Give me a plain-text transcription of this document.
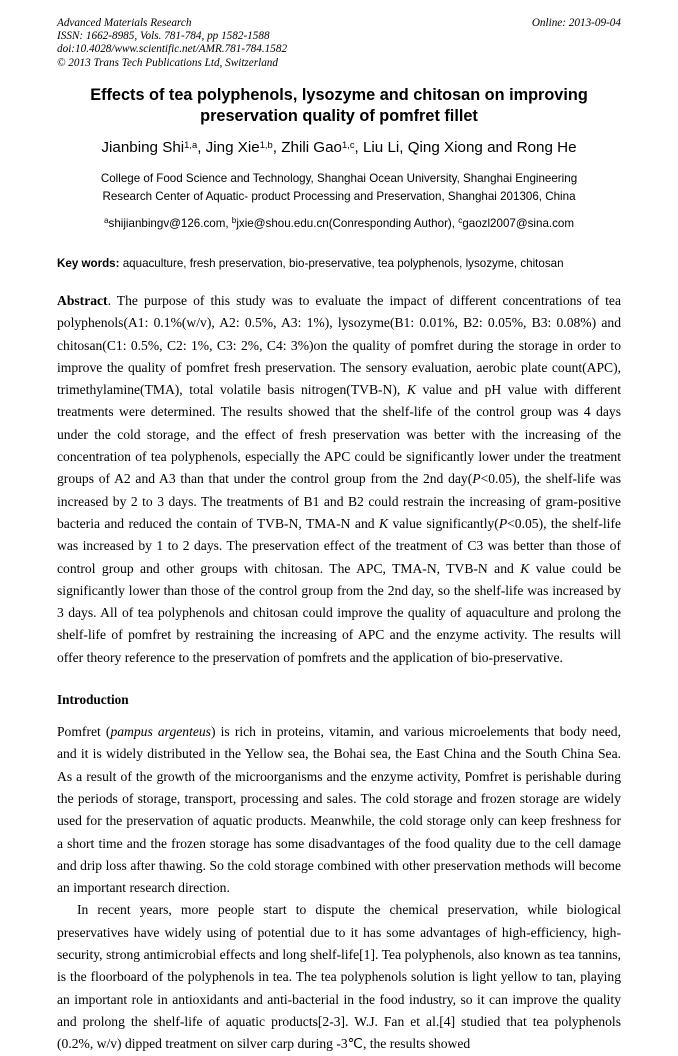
Advanced Materials Research
ISSN: 1662-8985, Vols. 781-784, pp 1582-1588
doi:10.4028/www.scientific.net/AMR.781-784.1582
© 2013 Trans Tech Publications Ltd, Switzerland
Online: 2013-09-04
Effects of tea polyphenols, lysozyme and chitosan on improving
preservation quality of pomfret fillet
Jianbing Shi$^{1,a}$, Jing Xie$^{1,b}$, Zhili Gao$^{1,c}$, Liu Li, Qing Xiong and Rong He
College of Food Science and Technology, Shanghai Ocean University, Shanghai Engineering
Research Center of Aquatic- product Processing and Preservation, Shanghai 201306, China
$^a$shijianbingv@126.com, $^b$jxie@shou.edu.cn(Conresponding Author), $^c$gaozl2007@sina.com
Key words: aquaculture, fresh preservation, bio-preservative, tea polyphenols, lysozyme, chitosan
Abstract. The purpose of this study was to evaluate the impact of different concentrations of tea polyphenols(A1: 0.1%(w/v), A2: 0.5%, A3: 1%), lysozyme(B1: 0.01%, B2: 0.05%, B3: 0.08%) and chitosan(C1: 0.5%, C2: 1%, C3: 2%, C4: 3%)on the quality of pomfret during the storage in order to improve the quality of pomfret fresh preservation. The sensory evaluation, aerobic plate count(APC), trimethylamine(TMA), total volatile basis nitrogen(TVB-N), K value and pH value with different treatments were determined. The results showed that the shelf-life of the control group was 4 days under the cold storage, and the effect of fresh preservation was better with the increasing of the concentration of tea polyphenols, especially the APC could be significantly lower under the treatment groups of A2 and A3 than that under the control group from the 2nd day(P<0.05), the shelf-life was increased by 2 to 3 days. The treatments of B1 and B2 could restrain the increasing of gram-positive bacteria and reduced the contain of TVB-N, TMA-N and K value significantly(P<0.05), the shelf-life was increased by 1 to 2 days. The preservation effect of the treatment of C3 was better than those of control group and other groups with chitosan. The APC, TMA-N, TVB-N and K value could be significantly lower than those of the control group from the 2nd day, so the shelf-life was increased by 3 days. All of tea polyphenols and chitosan could improve the quality of aquaculture and prolong the shelf-life of pomfret by restraining the increasing of APC and the enzyme activity. The results will offer theory reference to the preservation of pomfrets and the application of bio-preservative.
Introduction
Pomfret (pampus argenteus) is rich in proteins, vitamin, and various microelements that body need, and it is widely distributed in the Yellow sea, the Bohai sea, the East China and the South China Sea. As a result of the growth of the microorganisms and the enzyme activity, Pomfret is perishable during the periods of storage, transport, processing and sales. The cold storage and frozen storage are widely used for the preservation of aquatic products. Meanwhile, the cold storage only can keep freshness for a short time and the frozen storage has some disadvantages of the food quality due to the cell damage and drip loss after thawing. So the cold storage combined with other preservation methods will become an important research direction.
In recent years, more people start to dispute the chemical preservation, while biological preservatives have widely using of potential due to it has some advantages of high-efficiency, high-security, strong antimicrobial effects and long shelf-life[1]. Tea polyphenols, also known as tea tannins, is the floorboard of the polyphenols in tea. The tea polyphenols solution is light yellow to tan, playing an important role in antioxidants and anti-bacterial in the food industry, so it can improve the quality and prolong the shelf-life of aquatic products[2-3]. W.J. Fan et al.[4] studied that tea polyphenols (0.2%, w/v) dipped treatment on silver carp during -3℃, the results showed
